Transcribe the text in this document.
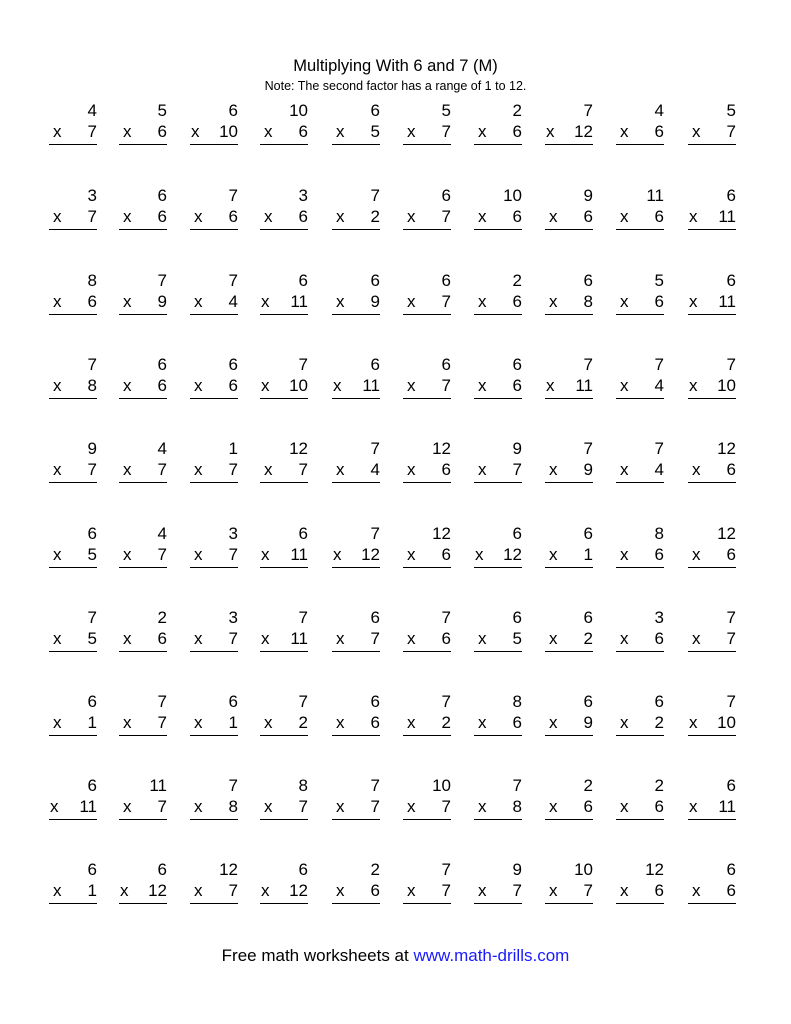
Multiplying With 6 and 7 (M)
Note: The second factor has a range of 1 to 12.
4
x 7
5
x 6
6
x 10
10
x 6
6
x 5
5
x 7
2
x 6
7
x 12
4
x 6
5
x 7
3
x 7
6
x 6
7
x 6
3
x 6
7
x 2
6
x 7
10
x 6
9
x 6
11
x 6
6
x 11
8
x 6
7
x 9
7
x 4
6
x 11
6
x 9
6
x 7
2
x 6
6
x 8
5
x 6
6
x 11
7
x 8
6
x 6
6
x 6
7
x 10
6
x 11
6
x 7
6
x 6
7
x 11
7
x 4
7
x 10
9
x 7
4
x 7
1
x 7
12
x 7
7
x 4
12
x 6
9
x 7
7
x 9
7
x 4
12
x 6
6
x 5
4
x 7
3
x 7
6
x 11
7
x 12
12
x 6
6
x 12
6
x 1
8
x 6
12
x 6
7
x 5
2
x 6
3
x 7
7
x 11
6
x 7
7
x 6
6
x 5
6
x 2
3
x 6
7
x 7
6
x 1
7
x 7
6
x 1
7
x 2
6
x 6
7
x 2
8
x 6
6
x 9
6
x 2
7
x 10
6
x 11
11
x 7
7
x 8
8
x 7
7
x 7
10
x 7
7
x 8
2
x 6
2
x 6
6
x 11
6
x 1
6
x 12
12
x 7
6
x 12
2
x 6
7
x 7
9
x 7
10
x 7
12
x 6
6
x 6
Free math worksheets at www.math-drills.com
